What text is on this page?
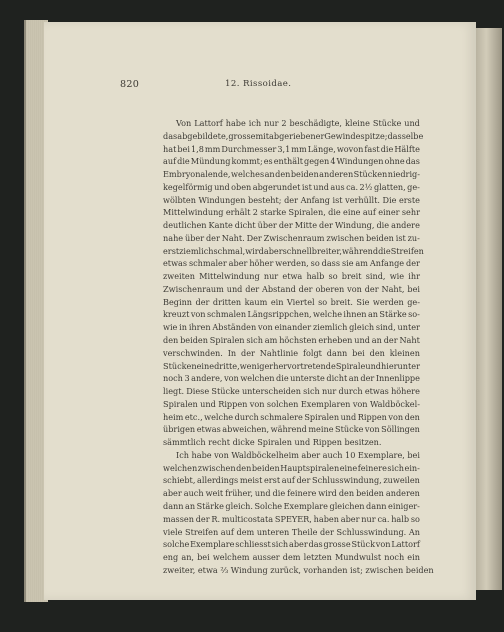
820	12. Rissoidae.
Von Lattorf habe ich nur 2 beschädigte, kleine Stücke und
das abgebildete, grosse mit abgeriebener Gewindespitze; dasselbe
hat bei 1,8 mm Durchmesser 3,1 mm Länge, wovon fast die Hälfte
auf die Mündung kommt; es enthält gegen 4 Windungen ohne das
Embryonalende, welches an den beiden anderen Stücken niedrig-
kegelförmig und oben abgerundet ist und aus ca. 2½ glatten, ge-
wölbten Windungen besteht; der Anfang ist verhüllt. Die erste
Mittelwindung erhält 2 starke Spiralen, die eine auf einer sehr
deutlichen Kante dicht über der Mitte der Windung, die andere
nahe über der Naht. Der Zwischenraum zwischen beiden ist zu-
erst ziemlich schmal, wird aber schnell breiter, während die Streifen
etwas schmaler aber höher werden, so dass sie am Anfange der
zweiten Mittelwindung nur etwa halb so breit sind, wie ihr
Zwischenraum und der Abstand der oberen von der Naht, bei
Beginn der dritten kaum ein Viertel so breit. Sie werden ge-
kreuzt von schmalen Längsrippchen, welche ihnen an Stärke so-
wie in ihren Abständen von einander ziemlich gleich sind, unter
den beiden Spiralen sich am höchsten erheben und an der Naht
verschwinden. In der Nahtlinie folgt dann bei den kleinen
Stücken eine dritte, weniger hervortretende Spirale und hierunter
noch 3 andere, von welchen die unterste dicht an der Innenlippe
liegt. Diese Stücke unterscheiden sich nur durch etwas höhere
Spiralen und Rippen von solchen Exemplaren von Waldböckel-
heim etc., welche durch schmalere Spiralen und Rippen von den
übrigen etwas abweichen, während meine Stücke von Söllingen
sämmtlich recht dicke Spiralen und Rippen besitzen.
Ich habe von Waldböckelheim aber auch 10 Exemplare, bei
welchen zwischen den beiden Hauptspiralen eine feinere sich ein-
schiebt, allerdings meist erst auf der Schlusswindung, zuweilen
aber auch weit früher, und die feinere wird den beiden anderen
dann an Stärke gleich. Solche Exemplare gleichen dann einiger-
massen der R. multicostata SPEYER, haben aber nur ca. halb so
viele Streifen auf dem unteren Theile der Schlusswindung. An
solche Exemplare schliesst sich aber das grosse Stück von Lattorf
eng an, bei welchem ausser dem letzten Mundwulst noch ein
zweiter, etwa ⅔ Windung zurück, vorhanden ist; zwischen beiden
